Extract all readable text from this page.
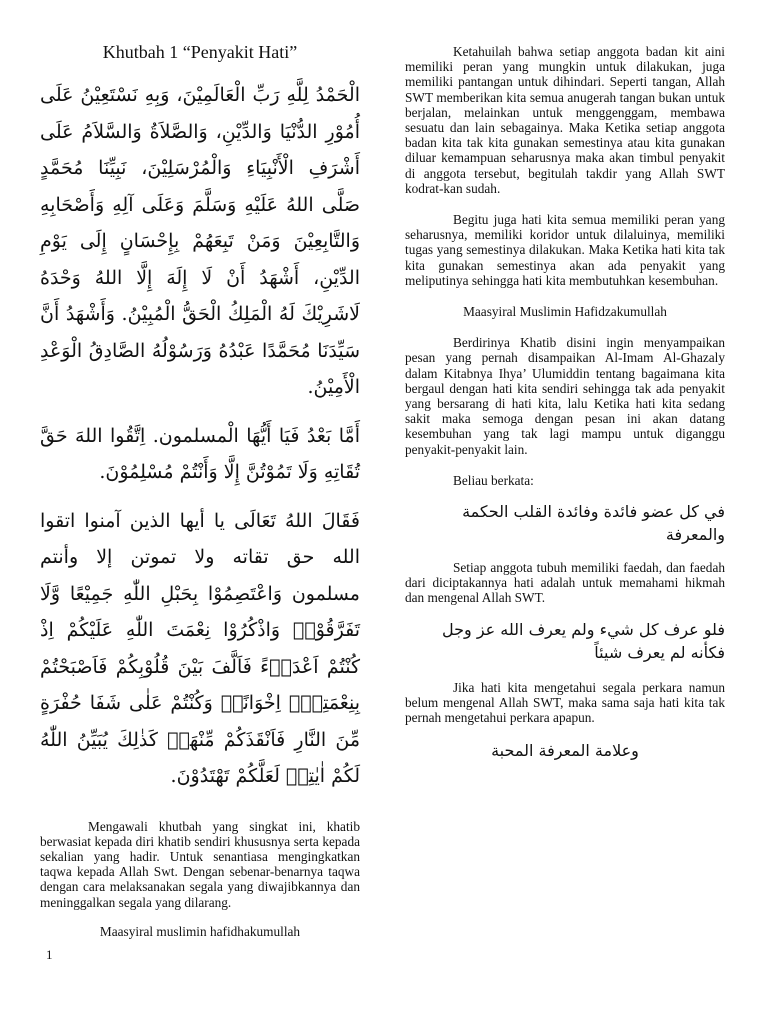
Khutbah 1 “Penyakit Hati”

الْحَمْدُ لِلَّهِ رَبِّ الْعَالَمِيْنَ، وَبِهِ نَسْتَعِيْنُ عَلَى أُمُوْرِ الدُّنْيَا وَالدِّيْنِ، وَالصَّلاَةُ وَالسَّلاَمُ عَلَى أَشْرَفِ الْأَنْبِيَاءِ وَالْمُرْسَلِيْنَ، نَبِيِّنَا مُحَمَّدٍ صَلَّى اللهُ عَلَيْهِ وَسَلَّمَ وَعَلَى آلِهِ وَأَصْحَابِهِ وَالتَّابِعِيْنَ وَمَنْ تَبِعَهُمْ بِإِحْسَانٍ إِلَى يَوْمِ الدِّيْنِ، أَشْهَدُ أَنْ لَا إِلَهَ إِلَّا اللهُ وَحْدَهُ لَاشَرِيْكَ لَهُ الْمَلِكُ الْحَقُّ الْمُبِيْنُ. وَأَشْهَدُ أَنَّ سَيِّدَنَا مُحَمَّدًا عَبْدُهُ وَرَسُوْلُهُ الصَّادِقُ الْوَعْدِ الْأَمِيْنُ.

أَمَّا بَعْدُ فَيَا أَيُّهَا الْمسلمون. اِتَّقُوا اللهَ حَقَّ تُقَاتِهِ وَلَا تَمُوْتُنَّ إِلَّا وَأَنْتُمْ مُسْلِمُوْنَ.

فَقَالَ اللهُ تَعَالَى يا أيها الذين آمنوا اتقوا الله حق تقاته ولا تموتن إلا وأنتم مسلمون وَاعْتَصِمُوْا بِحَبْلِ اللّٰهِ جَمِيْعًا وَّلَا تَفَرَّقُوْاۖ وَاذْكُرُوْا نِعْمَتَ اللّٰهِ عَلَيْكُمْ اِذْ كُنْتُمْ اَعْدَاۤءً فَاَلَّفَ بَيْنَ قُلُوْبِكُمْ فَاَصْبَحْتُمْ بِنِعْمَتِهٖٓ اِخْوَانًاۚ وَكُنْتُمْ عَلٰى شَفَا حُفْرَةٍ مِّنَ النَّارِ فَاَنْقَذَكُمْ مِّنْهَاۗ كَذٰلِكَ يُبَيِّنُ اللّٰهُ لَكُمْ اٰيٰتِهٖ لَعَلَّكُمْ تَهْتَدُوْنَ.

Mengawali khutbah yang singkat ini, khatib berwasiat kepada diri khatib sendiri khususnya serta kepada sekalian yang hadir. Untuk senantiasa mengingkatkan taqwa kepada Allah Swt. Dengan sebenar-benarnya taqwa dengan cara melaksanakan segala yang diwajibkannya dan meninggalkan segala yang dilarang.

Maasyiral muslimin hafidhakumullah

Ketahuilah bahwa setiap anggota badan kit aini memiliki peran yang mungkin untuk dilakukan, juga memiliki pantangan untuk dihindari. Seperti tangan, Allah SWT memberikan kita semua anugerah tangan bukan untuk berjalan, melainkan untuk menggenggam, membawa sesuatu dan lain sebagainya. Maka Ketika setiap anggota badan kita tak kita gunakan semestinya atau kita gunakan diluar kemampuan seharusnya maka akan timbul penyakit di anggota tersebut, begitulah takdir yang Allah SWT kodrat-kan sudah.

Begitu juga hati kita semua memiliki peran yang seharusnya, memiliki koridor untuk dilaluinya, memiliki tugas yang semestinya dilakukan. Maka Ketika hati kita tak kita gunakan semestinya akan ada penyakit yang meliputinya sehingga hati kita membutuhkan kesembuhan.

Maasyiral Muslimin Hafidzakumullah

Berdirinya Khatib disini ingin menyampaikan pesan yang pernah disampaikan Al-Imam Al-Ghazaly dalam Kitabnya Ihya’ Ulumiddin tentang bagaimana kita bergaul dengan hati kita sendiri sehingga tak ada penyakit yang bersarang di hati kita, lalu Ketika hati kita sedang sakit maka semoga dengan pesan ini akan datang kesembuhan yang tak lagi mampu untuk diganggu penyakit-penyakit lain.

Beliau berkata:

في كل عضو فائدة وفائدة القلب الحكمة والمعرفة

Setiap anggota tubuh memiliki faedah, dan faedah dari diciptakannya hati adalah untuk memahami hikmah dan mengenal Allah SWT.

فلو عرف كل شيء ولم يعرف الله عز وجل فكأنه لم يعرف شيئاً

Jika hati kita mengetahui segala perkara namun belum mengenal Allah SWT, maka sama saja hati kita tak pernah mengetahui perkara apapun.

وعلامة المعرفة المحبة

1
